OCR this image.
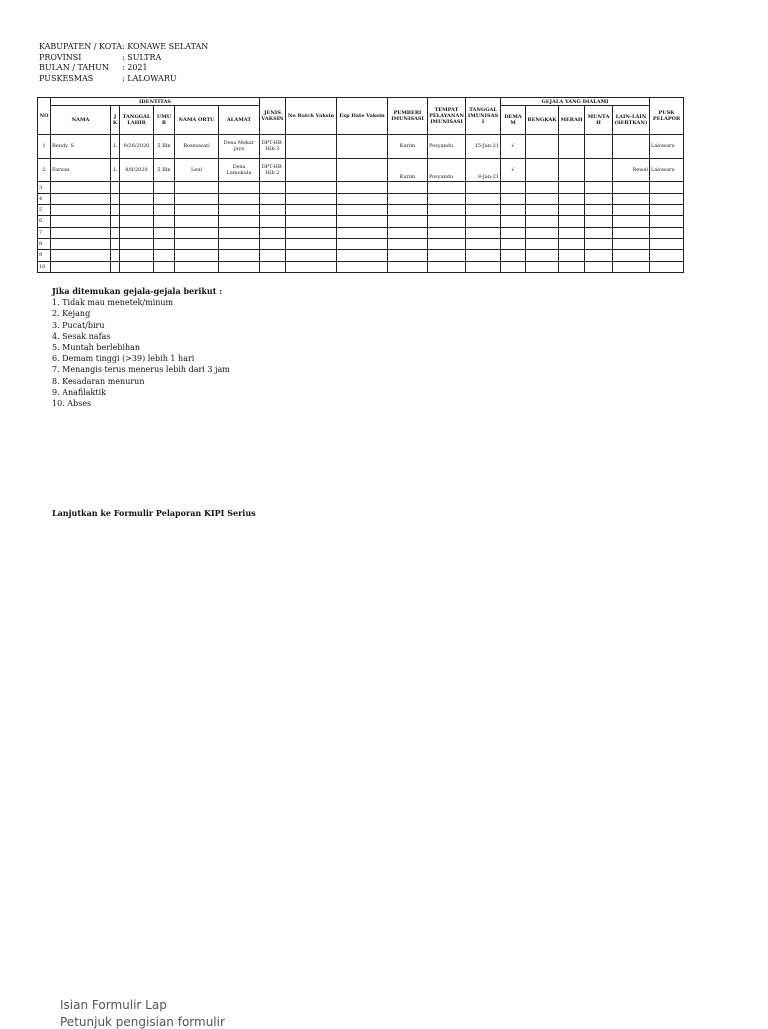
KABUPATEN / KOTA : KONAWE SELATAN
PROVINSI	: SULTRA
BULAN / TAHUN	: 2021
PUSKESMAS	: LALOWARU
NO	IDENTITAS						JENIS VAKSIN	No Batch Vaksin	Exp Date Vaksin	PEMBERI IMUNISASI	TEMPAT PELAYANAN IMUNISASI	TANGGAL IMUNISASI	GEJALA YANG DIALAMI					PUSK PELAPOR
	NAMA	JK	TANGGAL LAHIR	UMUR	NAMA ORTU	ALAMAT							DEMAM	BENGKAK	MERAH	MUNTAH	LAIN-LAIN (SEBTKAN)	
1	Rendy. S	L	9/26/2020	5 Bln	Rosnawati	Desa Mekar jaya	DPT-HB-Hib 3			Kurim	Posyandu	15-Jan-21	√					Lalowaru
2	Farzan	L	8/8/2020	5 Bln	Leni	Desa Lamokula	DPT-HB-Hib 2			Kurim	Posyandu	8-Jan-21	√				Rewel	Lalowaru
3																		
4																		
5																		
6																		
7																		
8																		
9																		
10																		
Jika ditemukan gejala-gejala berikut :
1. Tidak mau menetek/minum
2. Kejang
3. Pucat/biru
4. Sesak nafas
5. Muntah berlebihan
6. Demam tinggi (>39) lebih 1 hari
7. Menangis terus menerus lebih dari 3 jam
8. Kesadaran menurun
9. Anafilaktik
10. Abses
Lanjutkan ke Formulir Pelaporan KIPI Serius
Isian Formulir Lap
Petunjuk pengisian formulir
